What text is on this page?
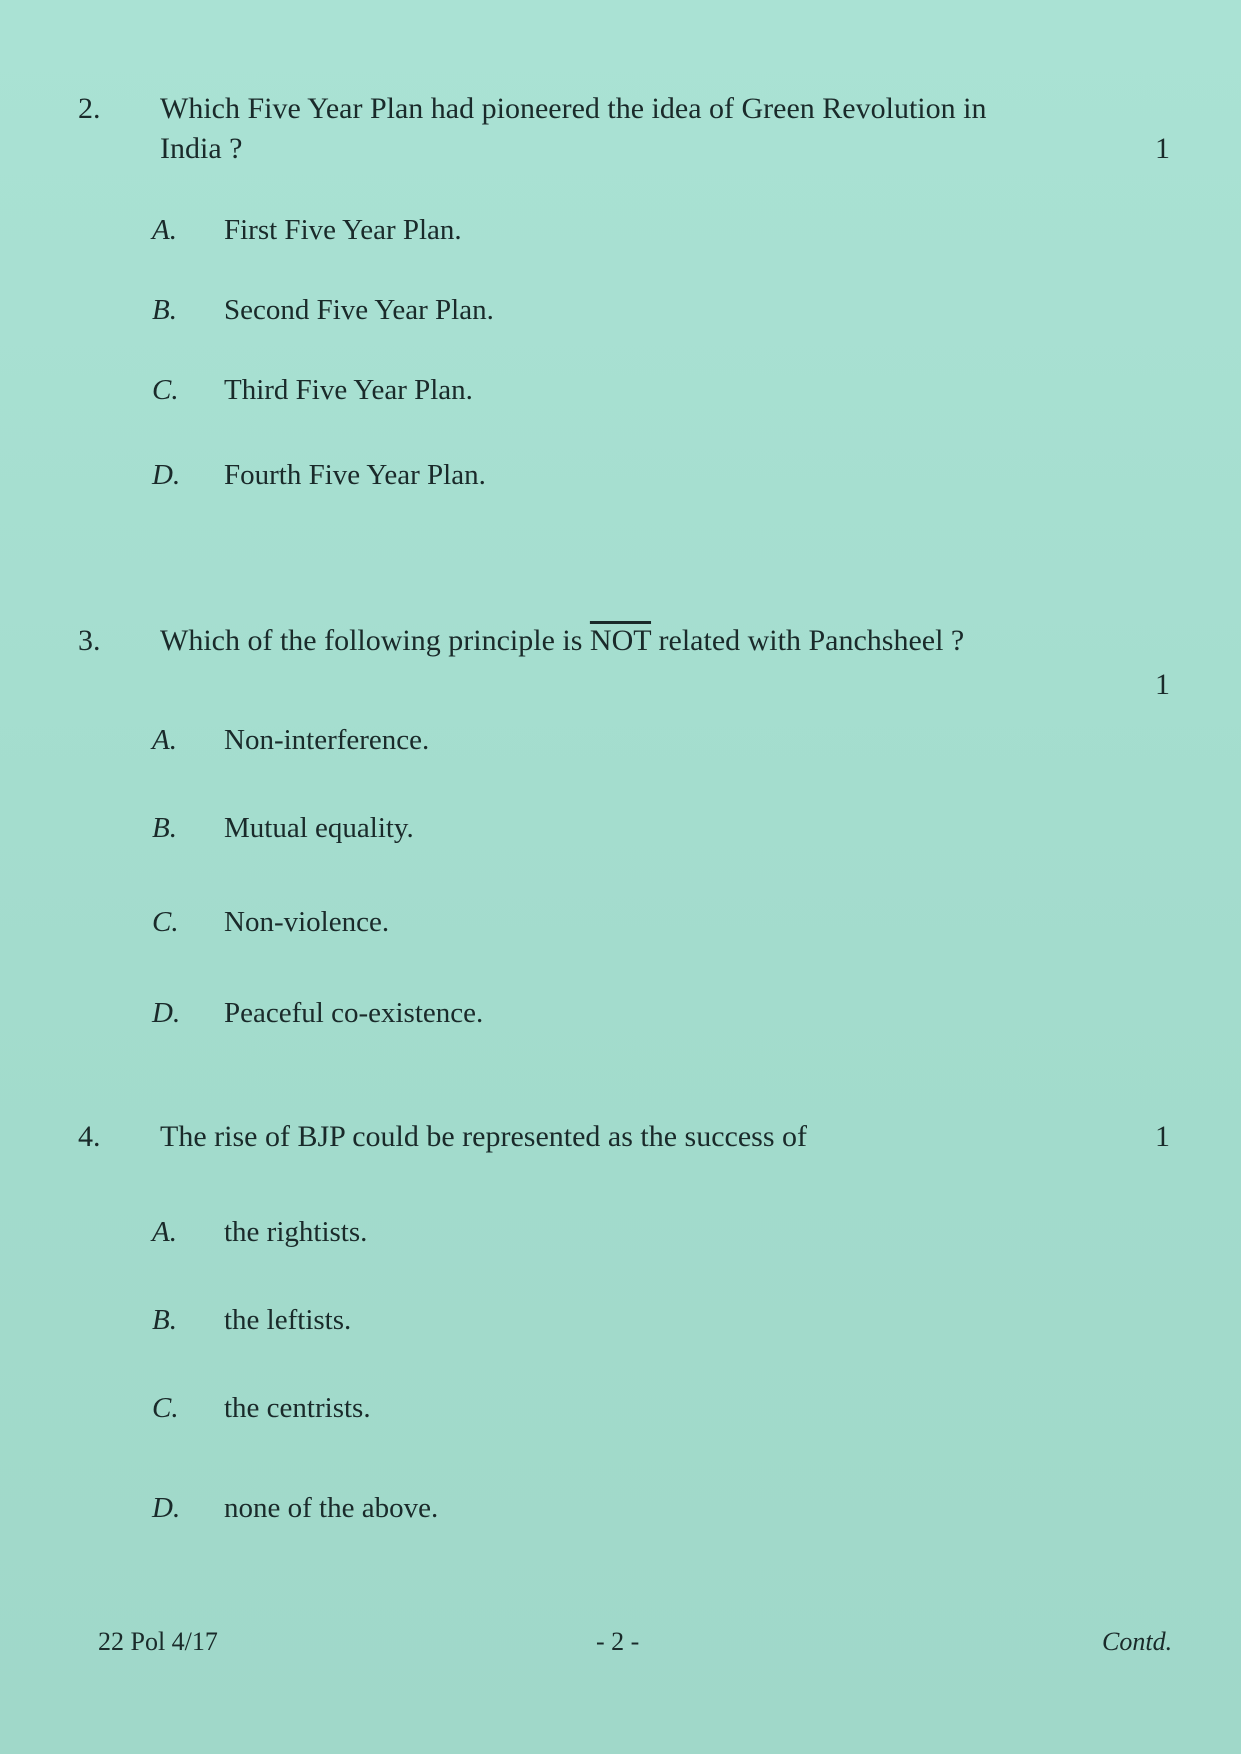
2. Which Five Year Plan had pioneered the idea of Green Revolution in
India ?	1
A. First Five Year Plan.
B. Second Five Year Plan.
C. Third Five Year Plan.
D. Fourth Five Year Plan.
3. Which of the following principle is $\overline{NOT}$ related with Panchsheel ?
1
A. Non-interference.
B. Mutual equality.
C. Non-violence.
D. Peaceful co-existence.
4. The rise of BJP could be represented as the success of	1
A. the rightists.
B. the leftists.
C. the centrists.
D. none of the above.
22 Pol 4/17	- 2 -	Contd.
